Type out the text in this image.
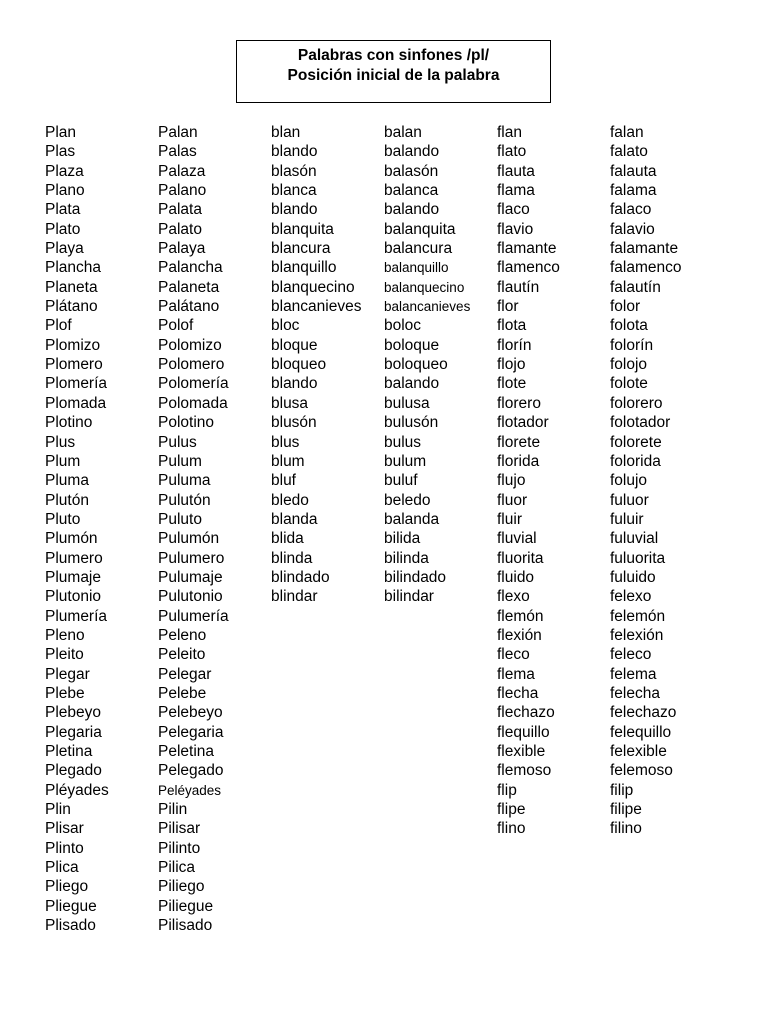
Palabras con sinfones /pl/
Posición inicial de la palabra
Plan
Plas
Plaza
Plano
Plata
Plato
Playa
Plancha
Planeta
Plátano
Plof
Plomizo
Plomero
Plomería
Plomada
Plotino
Plus
Plum
Pluma
Plutón
Pluto
Plumón
Plumero
Plumaje
Plutonio
Plumería
Pleno
Pleito
Plegar
Plebe
Plebeyo
Plegaria
Pletina
Plegado
Pléyades
Plin
Plisar
Plinto
Plica
Pliego
Pliegue
Plisado
Palan
Palas
Palaza
Palano
Palata
Palato
Palaya
Palancha
Palaneta
Palátano
Polof
Polomizo
Polomero
Polomería
Polomada
Polotino
Pulus
Pulum
Puluma
Pulutón
Puluto
Pulumón
Pulumero
Pulumaje
Pulutonio
Pulumería
Peleno
Peleito
Pelegar
Pelebe
Pelebeyo
Pelegaria
Peletina
Pelegado
Peléyades
Pilin
Pilisar
Pilinto
Pilica
Piliego
Piliegue
Pilisado
blan
blando
blasón
blanca
blando
blanquita
blancura
blanquillo
blanquecino
blancanieves
bloc
bloque
bloqueo
blando
blusa
blusón
blus
blum
bluf
bledo
blanda
blida
blinda
blindado
blindar
balan
balando
balasón
balanca
balando
balanquita
balancura
balanquillo
balanquecino
balancanieves
boloc
boloque
boloqueo
balando
bulusa
bulusón
bulus
bulum
buluf
beledo
balanda
bilida
bilinda
bilindado
bilindar
flan
flato
flauta
flama
flaco
flavio
flamante
flamenco
flautín
flor
flota
florín
flojo
flote
florero
flotador
florete
florida
flujo
fluor
fluir
fluvial
fluorita
fluido
flexo
flemón
flexión
fleco
flema
flecha
flechazo
flequillo
flexible
flemoso
flip
flipe
flino
falan
falato
falauta
falama
falaco
falavio
falamante
falamenco
falautín
folor
folota
folorín
folojo
folote
folorero
folotador
folorete
folorida
folujo
fuluor
fuluir
fuluvial
fuluorita
fuluido
felexo
felemón
felexión
feleco
felema
felecha
felechazo
felequillo
felexible
felemoso
filip
filipe
filino
